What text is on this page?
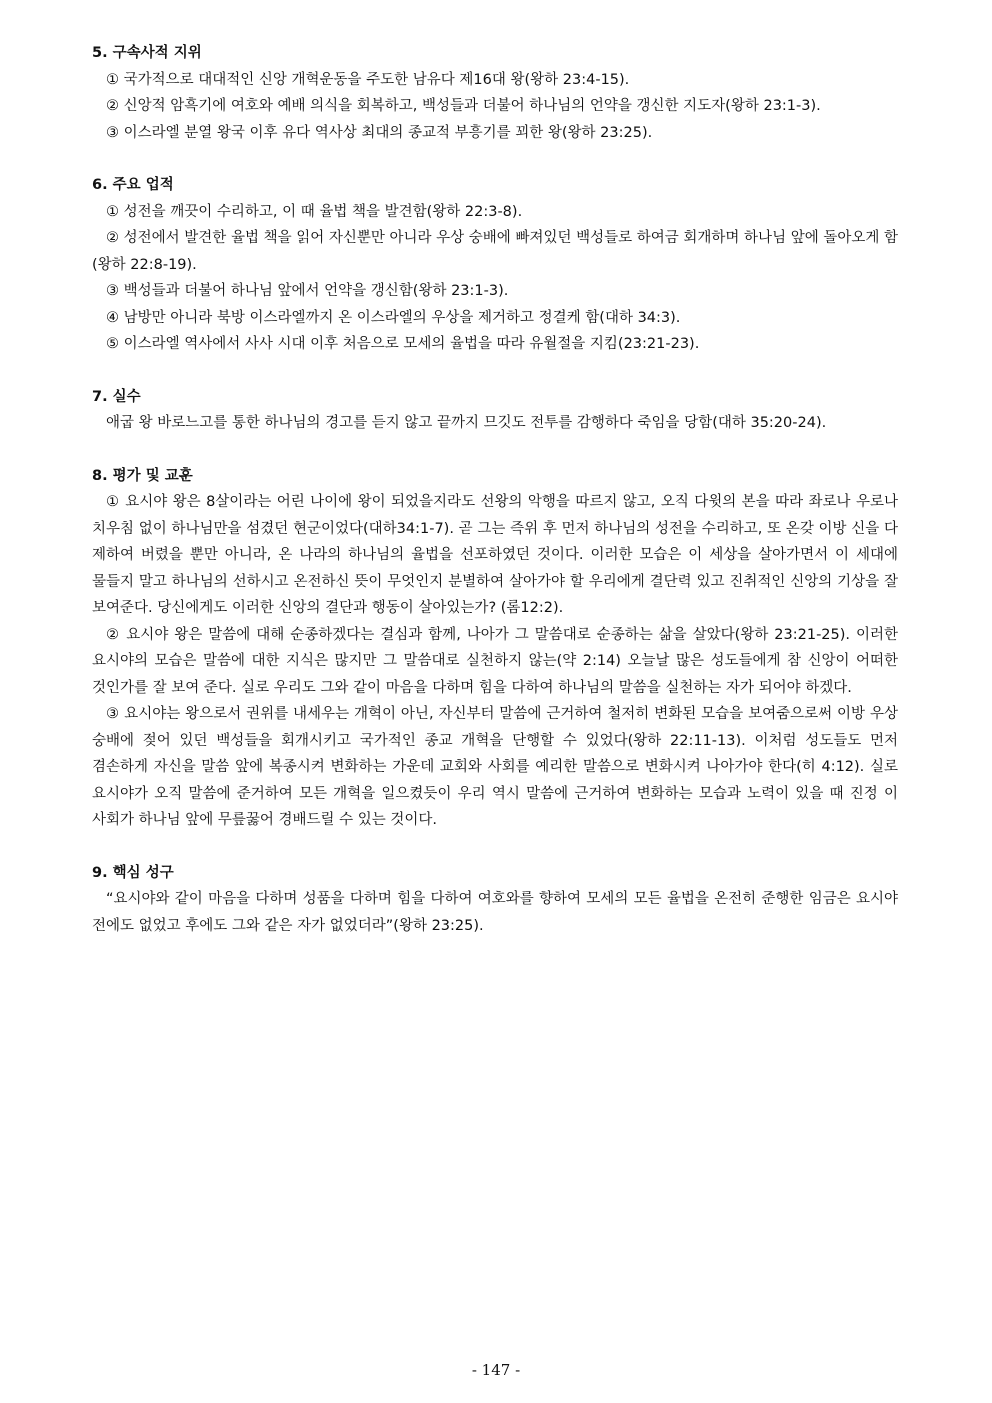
5. 구속사적 지위

① 국가적으로 대대적인 신앙 개혁운동을 주도한 남유다 제16대 왕(왕하 23:4-15).

② 신앙적 암흑기에 여호와 예배 의식을 회복하고, 백성들과 더불어 하나님의 언약을 갱신한 지도자(왕하 23:1-3).

③ 이스라엘 분열 왕국 이후 유다 역사상 최대의 종교적 부흥기를 꾀한 왕(왕하 23:25).

6. 주요 업적

① 성전을 깨끗이 수리하고, 이 때 율법 책을 발견함(왕하 22:3-8).

② 성전에서 발견한 율법 책을 읽어 자신뿐만 아니라 우상 숭배에 빠져있던 백성들로 하여금 회개하며 하나님 앞에 돌아오게 함(왕하 22:8-19).

③ 백성들과 더불어 하나님 앞에서 언약을 갱신함(왕하 23:1-3).

④ 남방만 아니라 북방 이스라엘까지 온 이스라엘의 우상을 제거하고 정결케 함(대하 34:3).

⑤ 이스라엘 역사에서 사사 시대 이후 처음으로 모세의 율법을 따라 유월절을 지킴(23:21-23).

7. 실수

애굽 왕 바로느고를 통한 하나님의 경고를 듣지 않고 끝까지 므깃도 전투를 감행하다 죽임을 당함(대하 35:20-24).

8. 평가 및 교훈

① 요시야 왕은 8살이라는 어린 나이에 왕이 되었을지라도 선왕의 악행을 따르지 않고, 오직 다윗의 본을 따라 좌로나 우로나 치우침 없이 하나님만을 섬겼던 현군이었다(대하34:1-7). 곧 그는 즉위 후 먼저 하나님의 성전을 수리하고, 또 온갖 이방 신을 다 제하여 버렸을 뿐만 아니라, 온 나라의 하나님의 율법을 선포하였던 것이다. 이러한 모습은 이 세상을 살아가면서 이 세대에 물들지 말고 하나님의 선하시고 온전하신 뜻이 무엇인지 분별하여 살아가야 할 우리에게 결단력 있고 진취적인 신앙의 기상을 잘 보여준다. 당신에게도 이러한 신앙의 결단과 행동이 살아있는가? (롬12:2).

② 요시야 왕은 말씀에 대해 순종하겠다는 결심과 함께, 나아가 그 말씀대로 순종하는 삶을 살았다(왕하 23:21-25). 이러한 요시야의 모습은 말씀에 대한 지식은 많지만 그 말씀대로 실천하지 않는(약 2:14) 오늘날 많은 성도들에게 참 신앙이 어떠한 것인가를 잘 보여 준다. 실로 우리도 그와 같이 마음을 다하며 힘을 다하여 하나님의 말씀을 실천하는 자가 되어야 하겠다.

③ 요시야는 왕으로서 권위를 내세우는 개혁이 아닌, 자신부터 말씀에 근거하여 철저히 변화된 모습을 보여줌으로써 이방 우상 숭배에 젖어 있던 백성들을 회개시키고 국가적인 종교 개혁을 단행할 수 있었다(왕하 22:11-13). 이처럼 성도들도 먼저 겸손하게 자신을 말씀 앞에 복종시켜 변화하는 가운데 교회와 사회를 예리한 말씀으로 변화시켜 나아가야 한다(히 4:12). 실로 요시야가 오직 말씀에 준거하여 모든 개혁을 일으켰듯이 우리 역시 말씀에 근거하여 변화하는 모습과 노력이 있을 때 진정 이 사회가 하나님 앞에 무릎꿇어 경배드릴 수 있는 것이다.

9. 핵심 성구

“요시야와 같이 마음을 다하며 성품을 다하며 힘을 다하여 여호와를 향하여 모세의 모든 율법을 온전히 준행한 임금은 요시야 전에도 없었고 후에도 그와 같은 자가 없었더라”(왕하 23:25).

- 147 -
